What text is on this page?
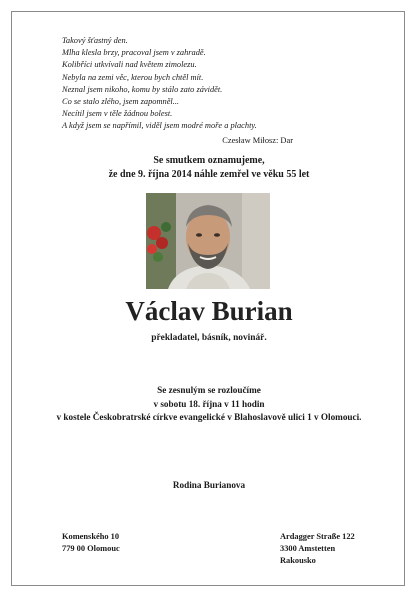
Takový šťastný den.
Mlha klesla brzy, pracoval jsem v zahradě.
Kolibříci utkvívali nad květem zimolezu.
Nebyla na zemi věc, kterou bych chtěl mít.
Neznal jsem nikoho, komu by stálo zato závidět.
Co se stalo zlého, jsem zapomněl...
Necítil jsem v těle žádnou bolest.
A když jsem se napřímil, viděl jsem modré moře a plachty.
Czesław Miłosz: Dar
Se smutkem oznamujeme,
že dne 9. října 2014 náhle zemřel ve věku 55 let
Václav Burian
překladatel, básník, novinář.
Se zesnulým se rozloučíme
v sobotu 18. října v 11 hodin
v kostele Českobratrské církve evangelické v Blahoslavově ulici 1 v Olomouci.
Rodina Burianova
Komenského 10
779 00 Olomouc
Ardagger Straße 122
3300 Amstetten
Rakousko
